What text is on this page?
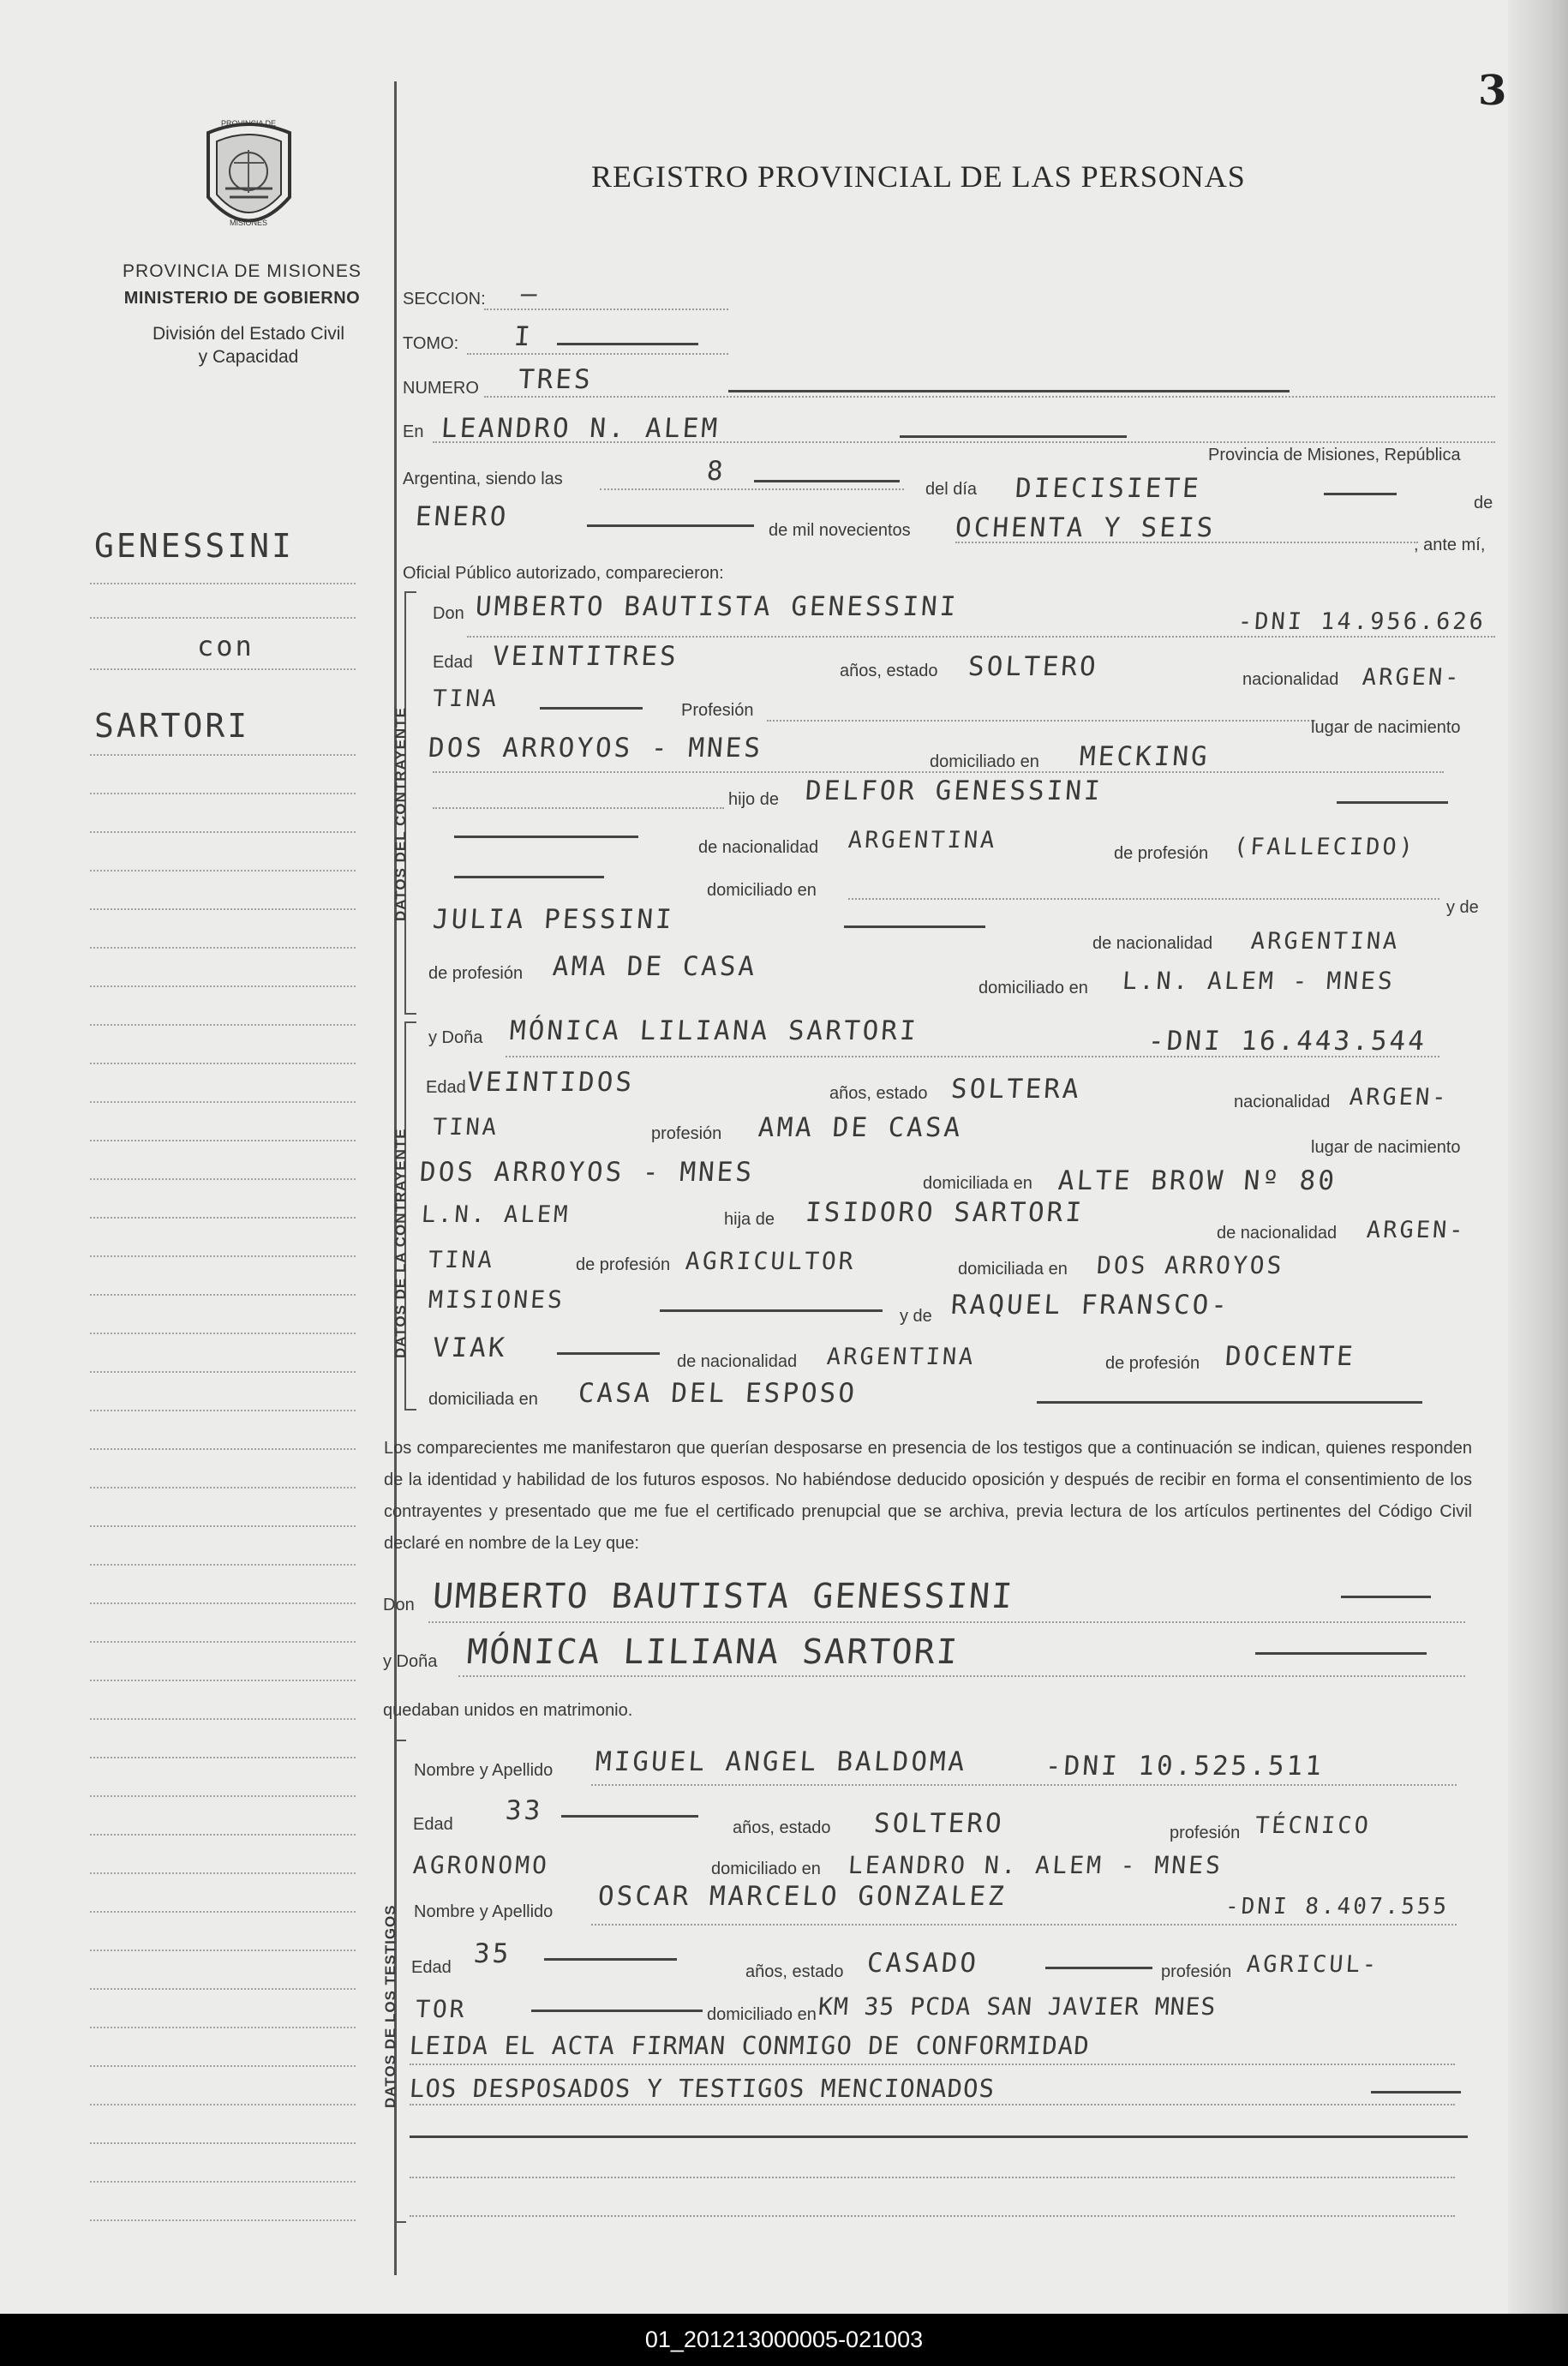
3
PROVINCIA DE
MISIONES
PROVINCIA DE MISIONES
MINISTERIO DE GOBIERNO
División del Estado Civil
y Capacidad
REGISTRO PROVINCIAL DE LAS PERSONAS
GENESSINI
con
SARTORI
SECCION: —
TOMO: I
NUMERO TRES
En LEANDRO N. ALEM
Provincia de Misiones, República
Argentina, siendo las	8
del día DIECISIETE	de
ENERO	de mil novecientos OCHENTA Y SEIS
, ante mí,
Oficial Público autorizado, comparecieron:
DATOS DEL CONTRAYENTE
Don UMBERTO BAUTISTA GENESSINI	-DNI 14.956.626
Edad VEINTITRES	años, estado SOLTERO	nacionalidad ARGEN-
TINA	Profesión
lugar de nacimiento
DOS ARROYOS - MNES	domiciliado en MECKING
hijo de DELFOR GENESSINI
de nacionalidad ARGENTINA	de profesión (FALLECIDO)
domiciliado en
y de
JULIA PESSINI
de nacionalidad ARGENTINA
de profesión AMA DE CASA
domiciliado en L.N. ALEM - MNES
DATOS DE LA CONTRAYENTE
y Doña MÓNICA LILIANA SARTORI	-DNI 16.443.544
Edad VEINTIDOS	años, estado SOLTERA	nacionalidad ARGEN-
TINA	profesión AMA DE CASA
lugar de nacimiento
DOS ARROYOS - MNES	domiciliada en ALTE BROW Nº 80
L.N. ALEM	hija de ISIDORO SARTORI
de nacionalidad ARGEN-
TINA	de profesión AGRICULTOR	domiciliada en DOS ARROYOS
MISIONES
y de RAQUEL FRANSCO-
VIAK	de nacionalidad ARGENTINA	de profesión DOCENTE
domiciliada en CASA DEL ESPOSO
Los comparecientes me manifestaron que querían desposarse en presencia de los testigos que a continuación se indican, quienes responden de la identidad y habilidad de los futuros esposos. No habiéndose deducido oposición y después de recibir en forma el consentimiento de los contrayentes y presentado que me fue el certificado prenupcial que se archiva, previa lectura de los artículos pertinentes del Código Civil declaré en nombre de la Ley que:
Don UMBERTO BAUTISTA GENESSINI
y Doña MÓNICA LILIANA SARTORI
quedaban unidos en matrimonio.
DATOS DE LOS TESTIGOS
Nombre y Apellido MIGUEL ANGEL BALDOMA	-DNI 10.525.511
Edad 33
años, estado SOLTERO	profesión TÉCNICO
AGRONOMO	domiciliado en LEANDRO N. ALEM - MNES
Nombre y Apellido OSCAR MARCELO GONZALEZ	-DNI 8.407.555
Edad 35
años, estado CASADO	profesión AGRICUL-
TOR	domiciliado en KM 35 PCDA SAN JAVIER MNES
LEIDA EL ACTA FIRMAN CONMIGO DE CONFORMIDAD
LOS DESPOSADOS Y TESTIGOS MENCIONADOS
01_201213000005-021003
